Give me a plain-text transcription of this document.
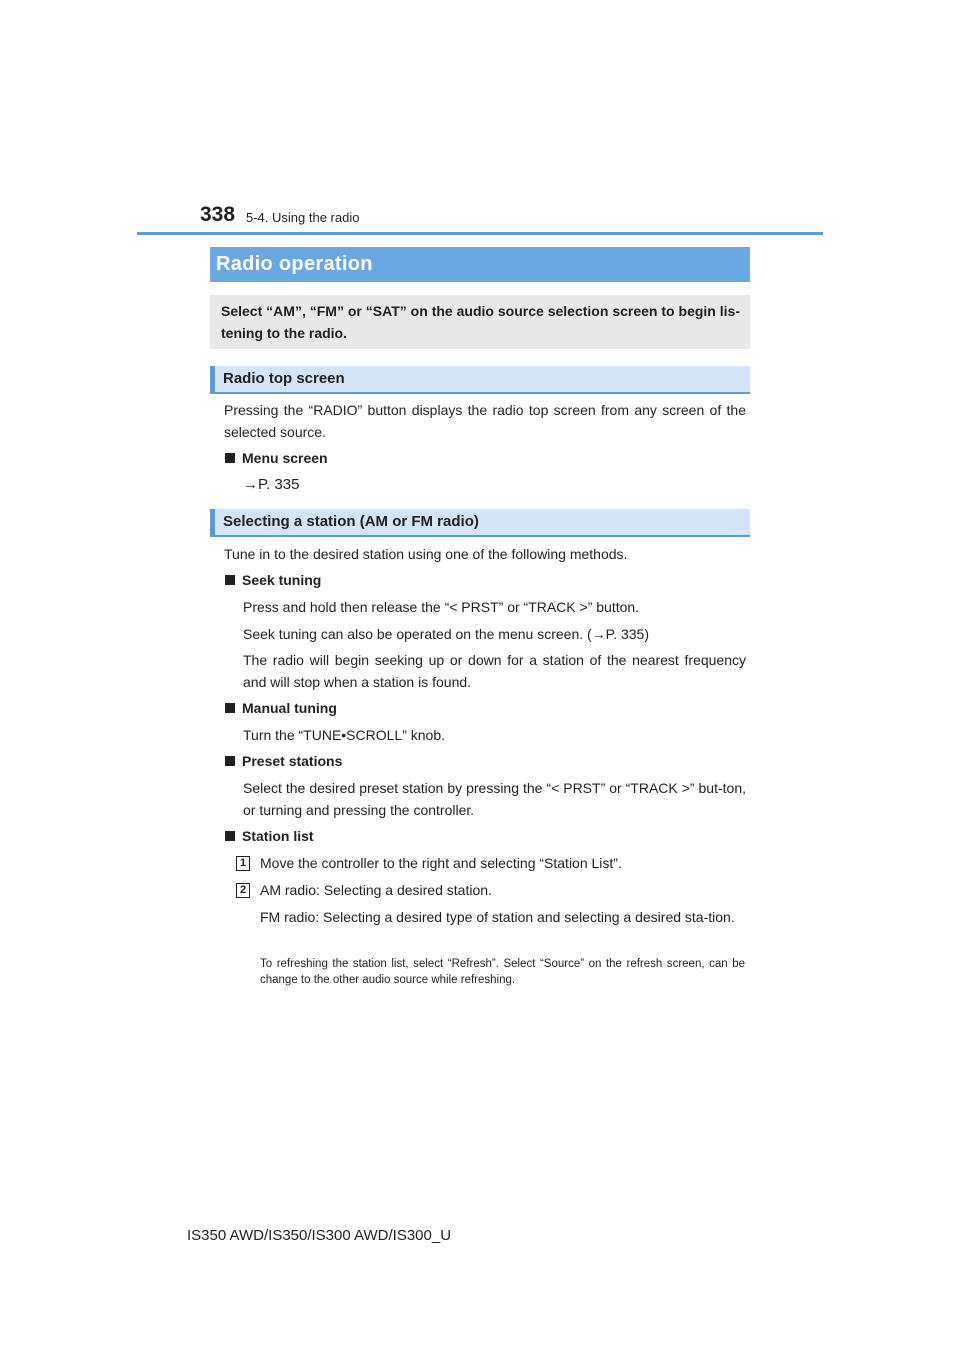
338 5-4. Using the radio
Radio operation
Select “AM”, “FM” or “SAT” on the audio source selection screen to begin lis-tening to the radio.
Radio top screen
Pressing the “RADIO” button displays the radio top screen from any screen of the selected source.
Menu screen
→P. 335
Selecting a station (AM or FM radio)
Tune in to the desired station using one of the following methods.
Seek tuning
Press and hold then release the “< PRST” or “TRACK >” button.
Seek tuning can also be operated on the menu screen. (→P. 335)
The radio will begin seeking up or down for a station of the nearest frequency and will stop when a station is found.
Manual tuning
Turn the “TUNE•SCROLL” knob.
Preset stations
Select the desired preset station by pressing the “< PRST” or “TRACK >” but-ton, or turning and pressing the controller.
Station list
1 Move the controller to the right and selecting “Station List”.
2 AM radio: Selecting a desired station.
FM radio: Selecting a desired type of station and selecting a desired sta-tion.
To refreshing the station list, select “Refresh”. Select “Source” on the refresh screen, can be change to the other audio source while refreshing.
IS350 AWD/IS350/IS300 AWD/IS300_U
